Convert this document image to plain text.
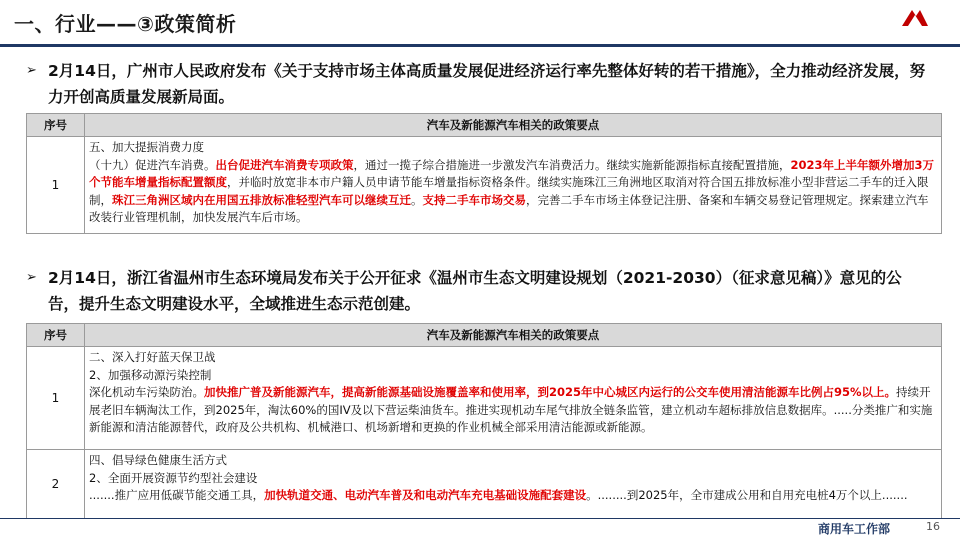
一、行业——③政策简析
➢ 2月14日，广州市人民政府发布《关于支持市场主体高质量发展促进经济运行率先整体好转的若干措施》，全力推动经济发展，努力开创高质量发展新局面。
序号	汽车及新能源汽车相关的政策要点
1	五、加大提振消费力度
（十九）促进汽车消费。出台促进汽车消费专项政策，通过一揽子综合措施进一步激发汽车消费活力。继续实施新能源指标直接配置措施，2023年上半年额外增加3万个节能车增量指标配置额度，并临时放宽非本市户籍人员申请节能车增量指标资格条件。继续实施珠江三角洲地区取消对符合国五排放标准小型非营运二手车的迁入限制，珠江三角洲区域内在用国五排放标准轻型汽车可以继续互迁。支持二手车市场交易，完善二手车市场主体登记注册、备案和车辆交易登记管理规定。探索建立汽车改装行业管理机制，加快发展汽车后市场。
➢ 2月14日，浙江省温州市生态环境局发布关于公开征求《温州市生态文明建设规划（2021-2030）（征求意见稿）》意见的公告，提升生态文明建设水平，全域推进生态示范创建。
序号	汽车及新能源汽车相关的政策要点
1	二、深入打好蓝天保卫战
2、加强移动源污染控制
深化机动车污染防治。加快推广普及新能源汽车，提高新能源基础设施覆盖率和使用率，到2025年中心城区内运行的公交车使用清洁能源车比例占95%以上。持续开展老旧车辆淘汰工作，到2025年，淘汰60%的国IV及以下营运柴油货车。推进实现机动车尾气排放全链条监管，建立机动车超标排放信息数据库。.....分类推广和实施新能源和清洁能源替代，政府及公共机构、机械港口、机场新增和更换的作业机械全部采用清洁能源或新能源。
2	四、倡导绿色健康生活方式
2、全面开展资源节约型社会建设
.......推广应用低碳节能交通工具，加快轨道交通、电动汽车普及和电动汽车充电基础设施配套建设。........到2025年，全市建成公用和自用充电桩4万个以上.......
商用车工作部	16
